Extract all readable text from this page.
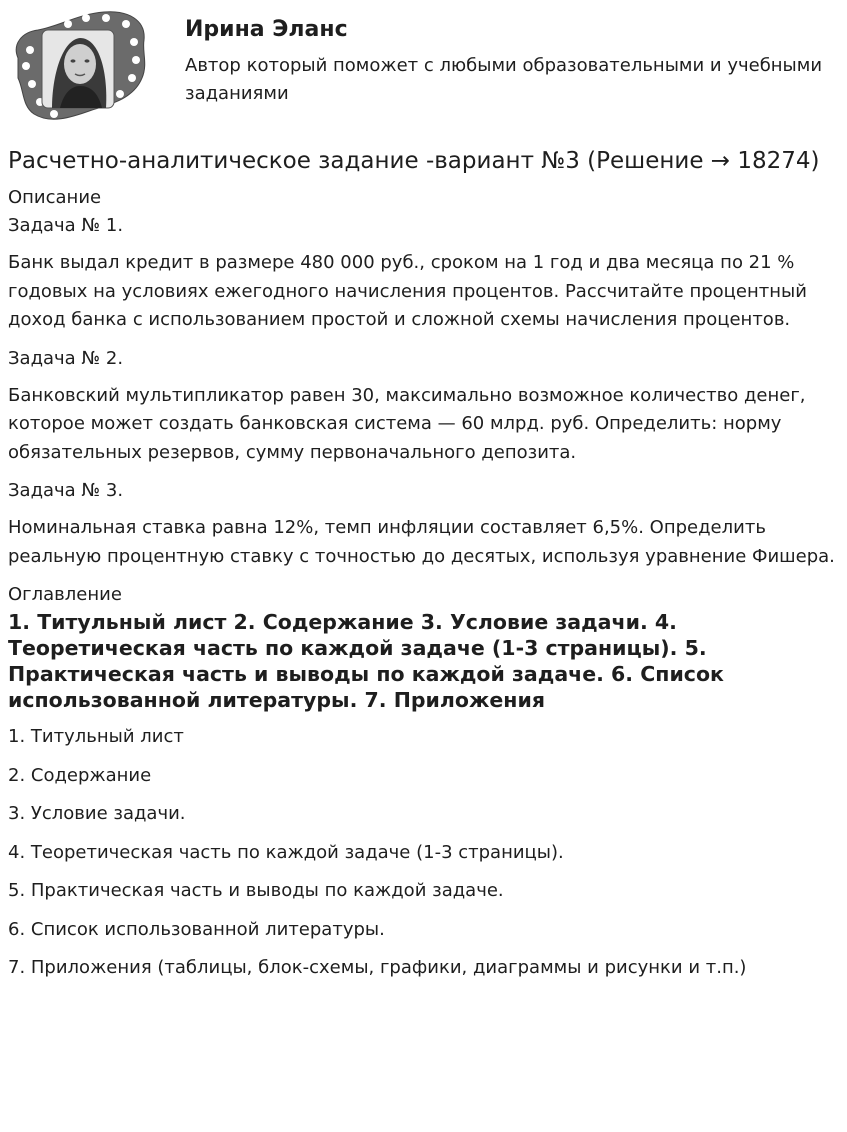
Ирина Эланс

Автор который поможет с любыми образовательными и учебными заданиями

Расчетно-аналитическое задание -вариант №3 (Решение → 18274)
Описание
Задача № 1.

Банк выдал кредит в размере 480 000 руб., сроком на 1 год и два месяца по 21 % годовых на условиях ежегодного начисления процентов. Рассчитайте процентный доход банка с использованием простой и сложной схемы начисления процентов.

Задача № 2.

Банковский мультипликатор равен 30, максимально возможное количество денег, которое может создать банковская система — 60 млрд. руб. Определить: норму обязательных резервов, сумму первоначального депозита.

Задача № 3.

Номинальная ставка равна 12%, темп инфляции составляет 6,5%. Определить реальную процентную ставку с точностью до десятых, используя уравнение Фишера.

Оглавление
1. Титульный лист 2. Содержание 3. Условие задачи. 4. Теоретическая часть по каждой задаче (1-3 страницы). 5. Практическая часть и выводы по каждой задаче. 6. Список использованной литературы. 7. Приложения

1. Титульный лист

2. Содержание

3. Условие задачи.

4. Теоретическая часть по каждой задаче (1-3 страницы).

5. Практическая часть и выводы по каждой задаче.

6. Список использованной литературы.

7. Приложения (таблицы, блок-схемы, графики, диаграммы и рисунки и т.п.)
